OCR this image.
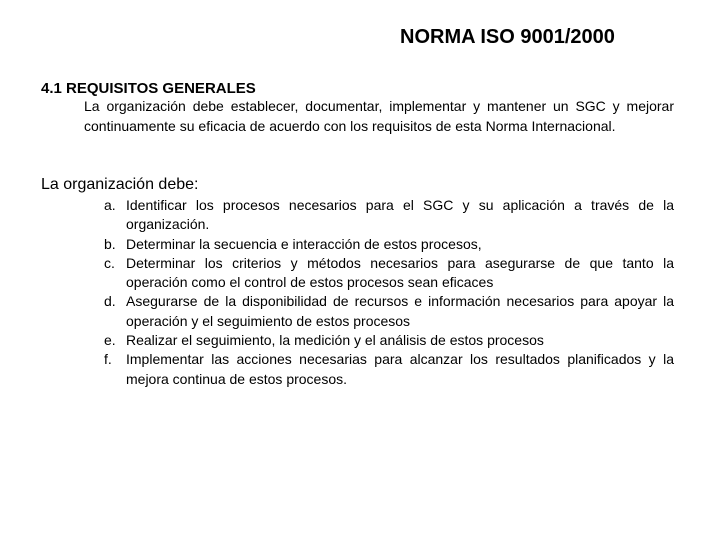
NORMA ISO 9001/2000
4.1 REQUISITOS GENERALES

La organización debe establecer, documentar, implementar y mantener un SGC y mejorar continuamente su eficacia de acuerdo con los requisitos de esta Norma Internacional.

La organización debe:
a. Identificar los procesos necesarios para el SGC y su aplicación a través de la organización.
b. Determinar la secuencia e interacción de estos procesos,
c. Determinar los criterios y métodos necesarios para asegurarse de que tanto la operación como el control de estos procesos sean eficaces
d. Asegurarse de la disponibilidad de recursos e información necesarios para apoyar la operación y el seguimiento de estos procesos
e. Realizar el seguimiento, la medición y el análisis de estos procesos
f.	Implementar las acciones necesarias para alcanzar los resultados planificados y la mejora continua de estos procesos.
